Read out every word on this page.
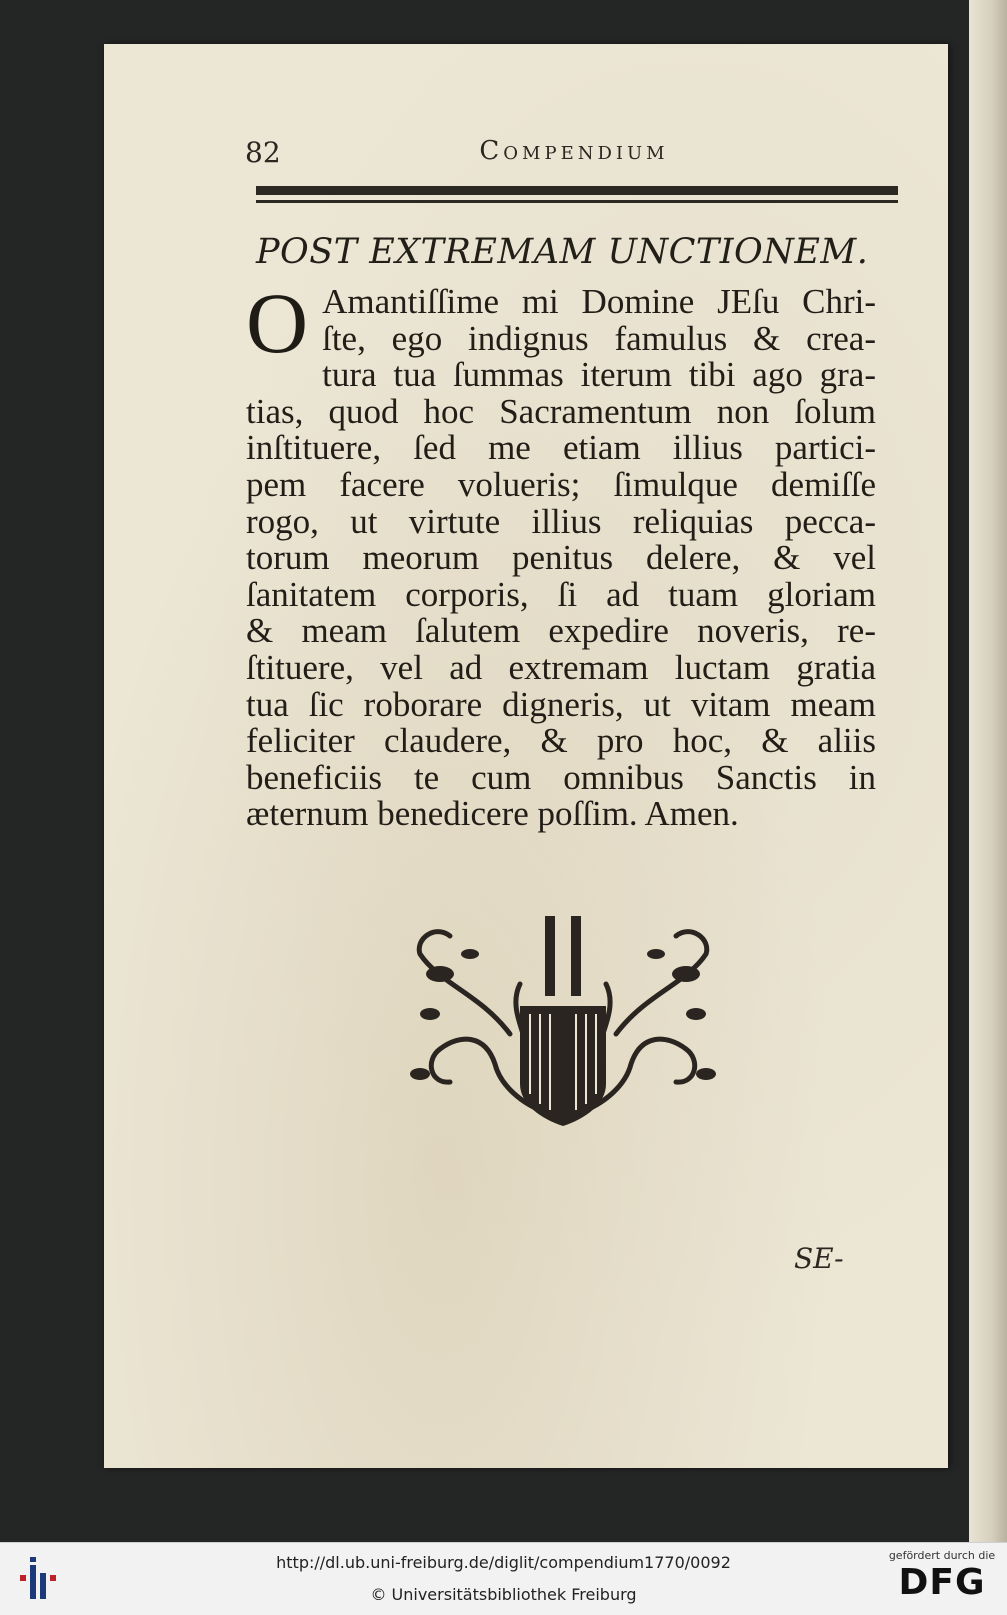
82	Compendium
POST EXTREMAM UNCTIONEM.
O Amantiſſime mi Domine JEſu Chri-
ſte, ego indignus famulus & crea-
tura tua ſummas iterum tibi ago gra-
tias, quod hoc Sacramentum non ſolum
inſtituere, ſed me etiam illius partici-
pem facere volueris; ſimulque demiſſe
rogo, ut virtute illius reliquias pecca-
torum meorum penitus delere, & vel
ſanitatem corporis, ſi ad tuam gloriam
& meam ſalutem expedire noveris, re-
ſtituere, vel ad extremam luctam gratia
tua ſic roborare digneris, ut vitam meam
feliciter claudere, & pro hoc, & aliis
beneficiis te cum omnibus Sanctis in
æternum benedicere poſſim. Amen.
SE-
http://dl.ub.uni-freiburg.de/diglit/compendium1770/0092
© Universitätsbibliothek Freiburg
gefördert durch die
DFG
